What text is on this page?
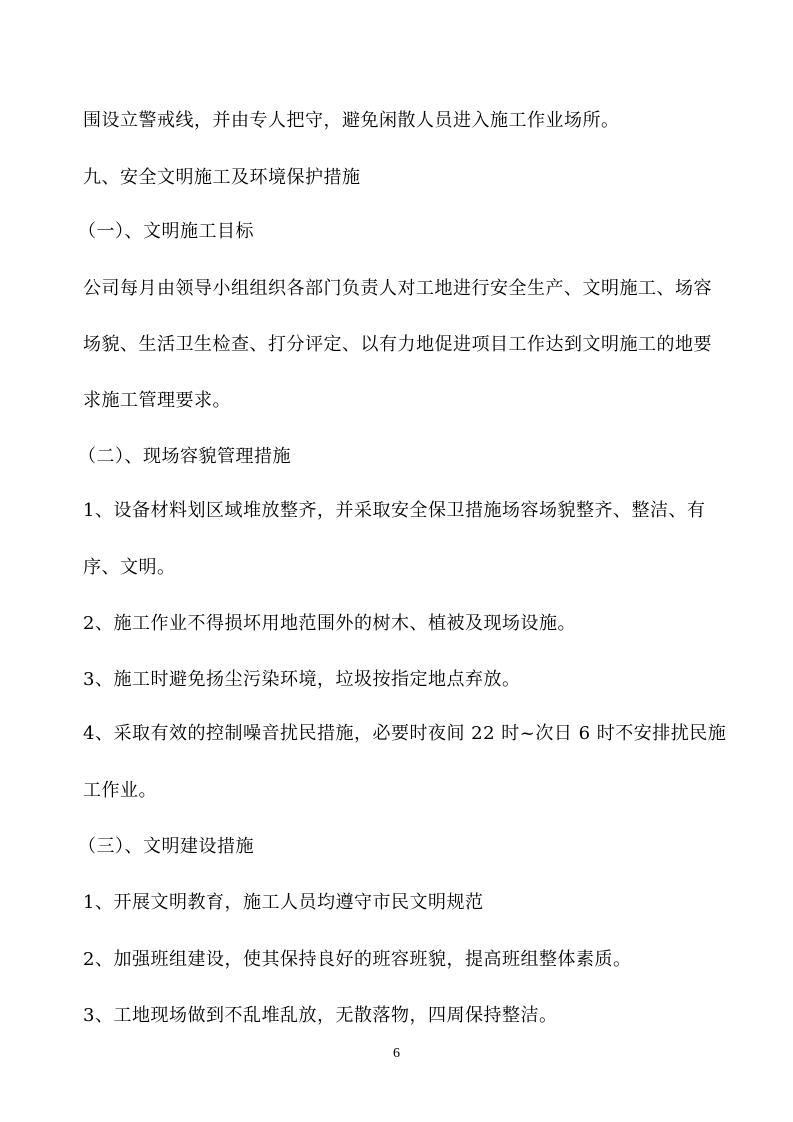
围设立警戒线，并由专人把守，避免闲散人员进入施工作业场所。
九、安全文明施工及环境保护措施
（一）、文明施工目标
公司每月由领导小组组织各部门负责人对工地进行安全生产、文明施工、场容
场貌、生活卫生检查、打分评定、以有力地促进项目工作达到文明施工的地要
求施工管理要求。
（二）、现场容貌管理措施
1、设备材料划区域堆放整齐，并采取安全保卫措施场容场貌整齐、整洁、有
序、文明。
2、施工作业不得损坏用地范围外的树木、植被及现场设施。
3、施工时避免扬尘污染环境，垃圾按指定地点弃放。
4、采取有效的控制噪音扰民措施，必要时夜间 22 时~次日 6 时不安排扰民施
工作业。
（三）、文明建设措施
1、开展文明教育，施工人员均遵守市民文明规范
2、加强班组建设，使其保持良好的班容班貌，提高班组整体素质。
3、工地现场做到不乱堆乱放，无散落物，四周保持整洁。
6
